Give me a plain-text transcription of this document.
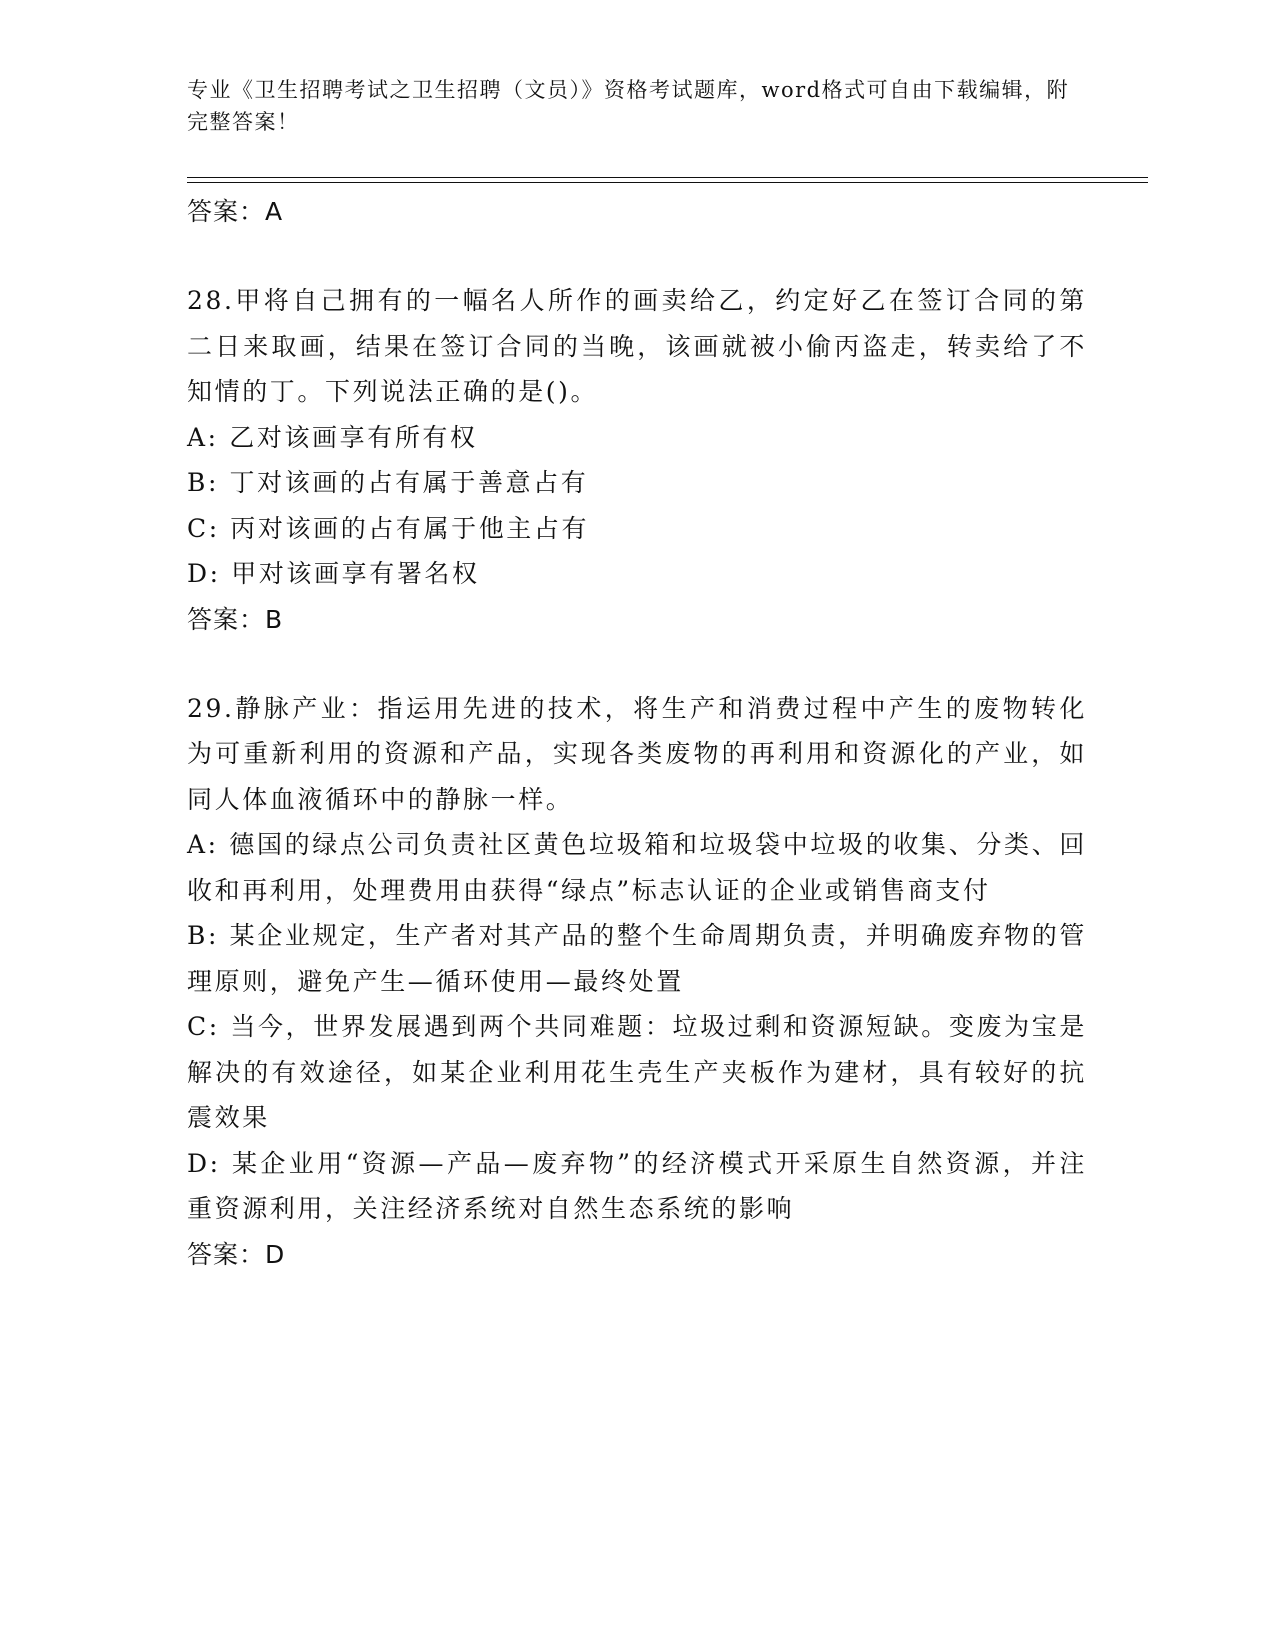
专业《卫生招聘考试之卫生招聘（文员）》资格考试题库，word格式可自由下载编辑，附完整答案！
答案：A
28.甲将自己拥有的一幅名人所作的画卖给乙，约定好乙在签订合同的第二日来取画，结果在签订合同的当晚，该画就被小偷丙盗走，转卖给了不知情的丁。下列说法正确的是()。
A: 乙对该画享有所有权
B: 丁对该画的占有属于善意占有
C: 丙对该画的占有属于他主占有
D: 甲对该画享有署名权
答案：B
29.静脉产业：指运用先进的技术，将生产和消费过程中产生的废物转化为可重新利用的资源和产品，实现各类废物的再利用和资源化的产业，如同人体血液循环中的静脉一样。
A: 德国的绿点公司负责社区黄色垃圾箱和垃圾袋中垃圾的收集、分类、回收和再利用，处理费用由获得“绿点”标志认证的企业或销售商支付
B: 某企业规定，生产者对其产品的整个生命周期负责，并明确废弃物的管理原则，避免产生—循环使用—最终处置
C: 当今，世界发展遇到两个共同难题：垃圾过剩和资源短缺。变废为宝是解决的有效途径，如某企业利用花生壳生产夹板作为建材，具有较好的抗震效果
D: 某企业用“资源—产品—废弃物”的经济模式开采原生自然资源，并注重资源利用，关注经济系统对自然生态系统的影响
答案：D
